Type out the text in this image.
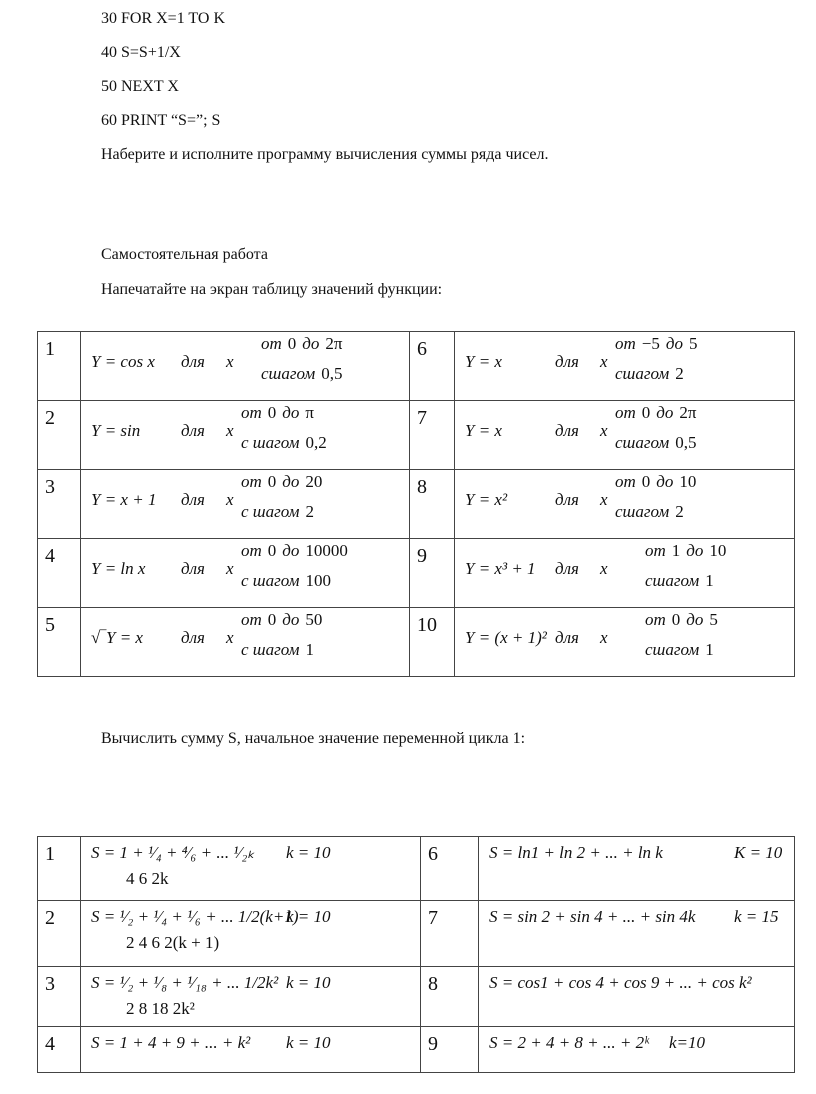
30 FOR X=1 TO K
40 S=S+1/X
50 NEXT X
60 PRINT “S=”; S
Наберите и исполните программу вычисления суммы ряда чисел.
Самостоятельная работа
Напечатайте на экран таблицу значений функции:
1	Y = cos x для x
от 0 до 2π
сшагом 0,5	6	Y = x для x
от −5 до 5
сшагом 2

2	Y = sin для x
от 0 до π
с шагом 0,2	7	Y = x для x
от 0 до 2π
сшагом 0,5

3	Y = x + 1 для x
от 0 до 20
с шагом 2	8	Y = x² для x
от 0 до 10
сшагом 2

4	Y = ln x для x
от 0 до 10000
с шагом 100	9	Y = x³ + 1 для x
от 1 до 10
сшагом 1

5	√‾Y = x для x
от 0 до 50
с шагом 1	10	Y = (x + 1)² для x
от 0 до 5
сшагом 1
Вычислить сумму S, начальное значение переменной цикла 1:
1	S = 1 + ¹⁄₄ + ⁴⁄₆ + ... ¹⁄₂ₖ k = 10
4 6 2k	6	S = ln1 + ln 2 + ... + ln k K = 10

2	S = ¹⁄₂ + ¹⁄₄ + ¹⁄₆ + ... 1/2(k+1)
k = 10
2 4 6 2(k + 1)	7	S = sin 2 + sin 4 + ... + sin 4k k = 15

3	S = ¹⁄₂ + ¹⁄₈ + ¹⁄₁₈ + ... 1/2k² k = 10
2 8 18 2k²	8	S = cos1 + cos 4 + cos 9 + ... + cos k²

4	S = 1 + 4 + 9 + ... + k² k = 10	9	S = 2 + 4 + 8 + ... + 2ᵏ k=10
